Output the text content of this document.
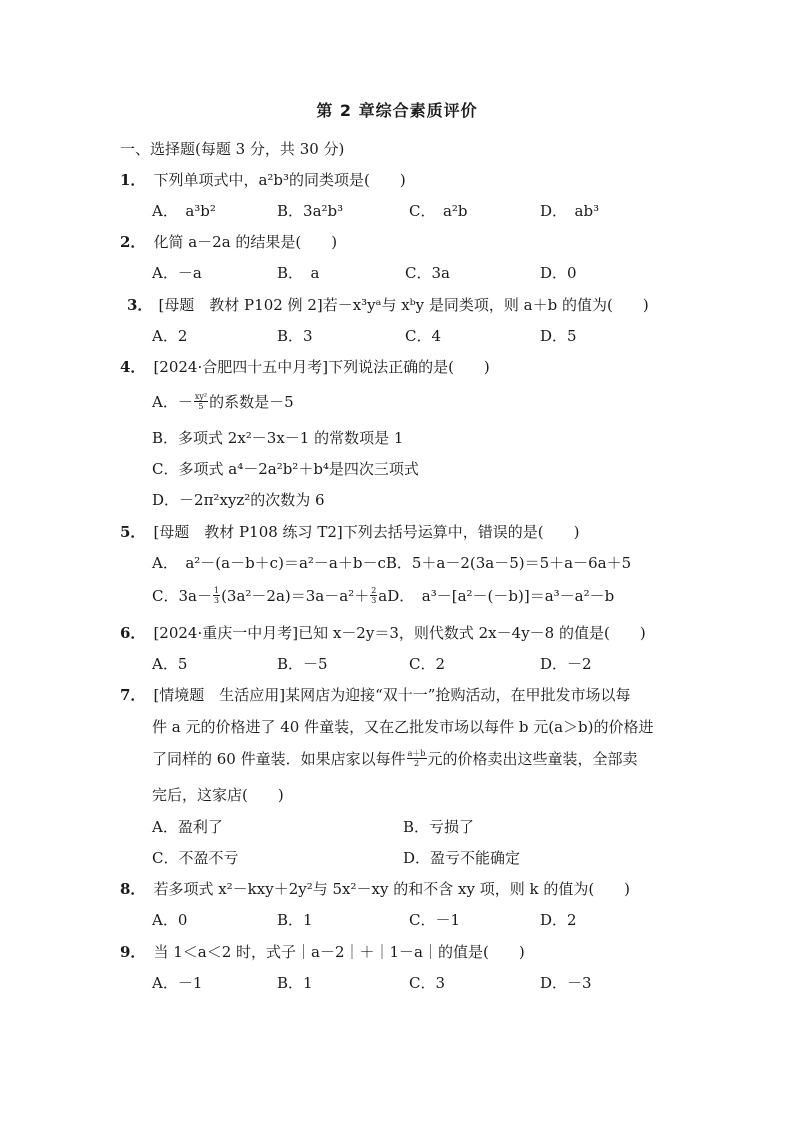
第 2 章综合素质评价
一、选择题(每题 3 分，共 30 分)
1． 下列单项式中，a²b³的同类项是(　　)
A．　a³b²	B．3a²b³	C．　a²b	D．　ab³
2． 化简 a－2a 的结果是(　　)
A．－a	B．　a	C．3a	D．0
3． [母题　教材 P102 例 2]若－x³yᵃ与 xᵇy 是同类项，则 a＋b 的值为(　　)
A．2	B．3	C．4	D．5
4． [2024·合肥四十五中月考]下列说法正确的是(　　)
A．－ $\frac{\text{xy²}}{5}$ 的系数是－5
B．多项式 2x²－3x－1 的常数项是 1
C．多项式 a⁴－2a²b²＋b⁴是四次三项式
D．－2π²xyz²的次数为 6
5． [母题　教材 P108 练习 T2]下列去括号运算中，错误的是(　　)
A．　a²－(a－b＋c)＝a²－a＋b－cB．5＋a－2(3a－5)＝5＋a－6a＋5
C．$3a- \frac{1}{3} (3a^2-2a)=3a-a^2+ \frac{2}{3}$ aD．　a³－[a²－(－b)]＝a³－a²－b
6． [2024·重庆一中月考]已知 x－2y＝3，则代数式 2x－4y－8 的值是(　　)
A．5	B．－5	C．2	D．－2
7． [情境题　生活应用]某网店为迎接“双十一”抢购活动，在甲批发市场以每
件 a 元的价格进了 40 件童装，又在乙批发市场以每件 b 元(a＞b)的价格进
了同样的 60 件童装．如果店家以每件 $\frac{a+b}{2}$ 元的价格卖出这些童装，全部卖
完后，这家店(　　)
A．盈利了	B．亏损了
C．不盈不亏	D．盈亏不能确定
8． 若多项式 x²－kxy＋2y²与 5x²－xy 的和不含 xy 项，则 k 的值为(　　)
A．0	B．1	C．－1	D．2
9． 当 1＜a＜2 时，式子｜a－2｜＋｜1－a｜的值是(　　)
A．－1	B．1	C．3	D．－3
